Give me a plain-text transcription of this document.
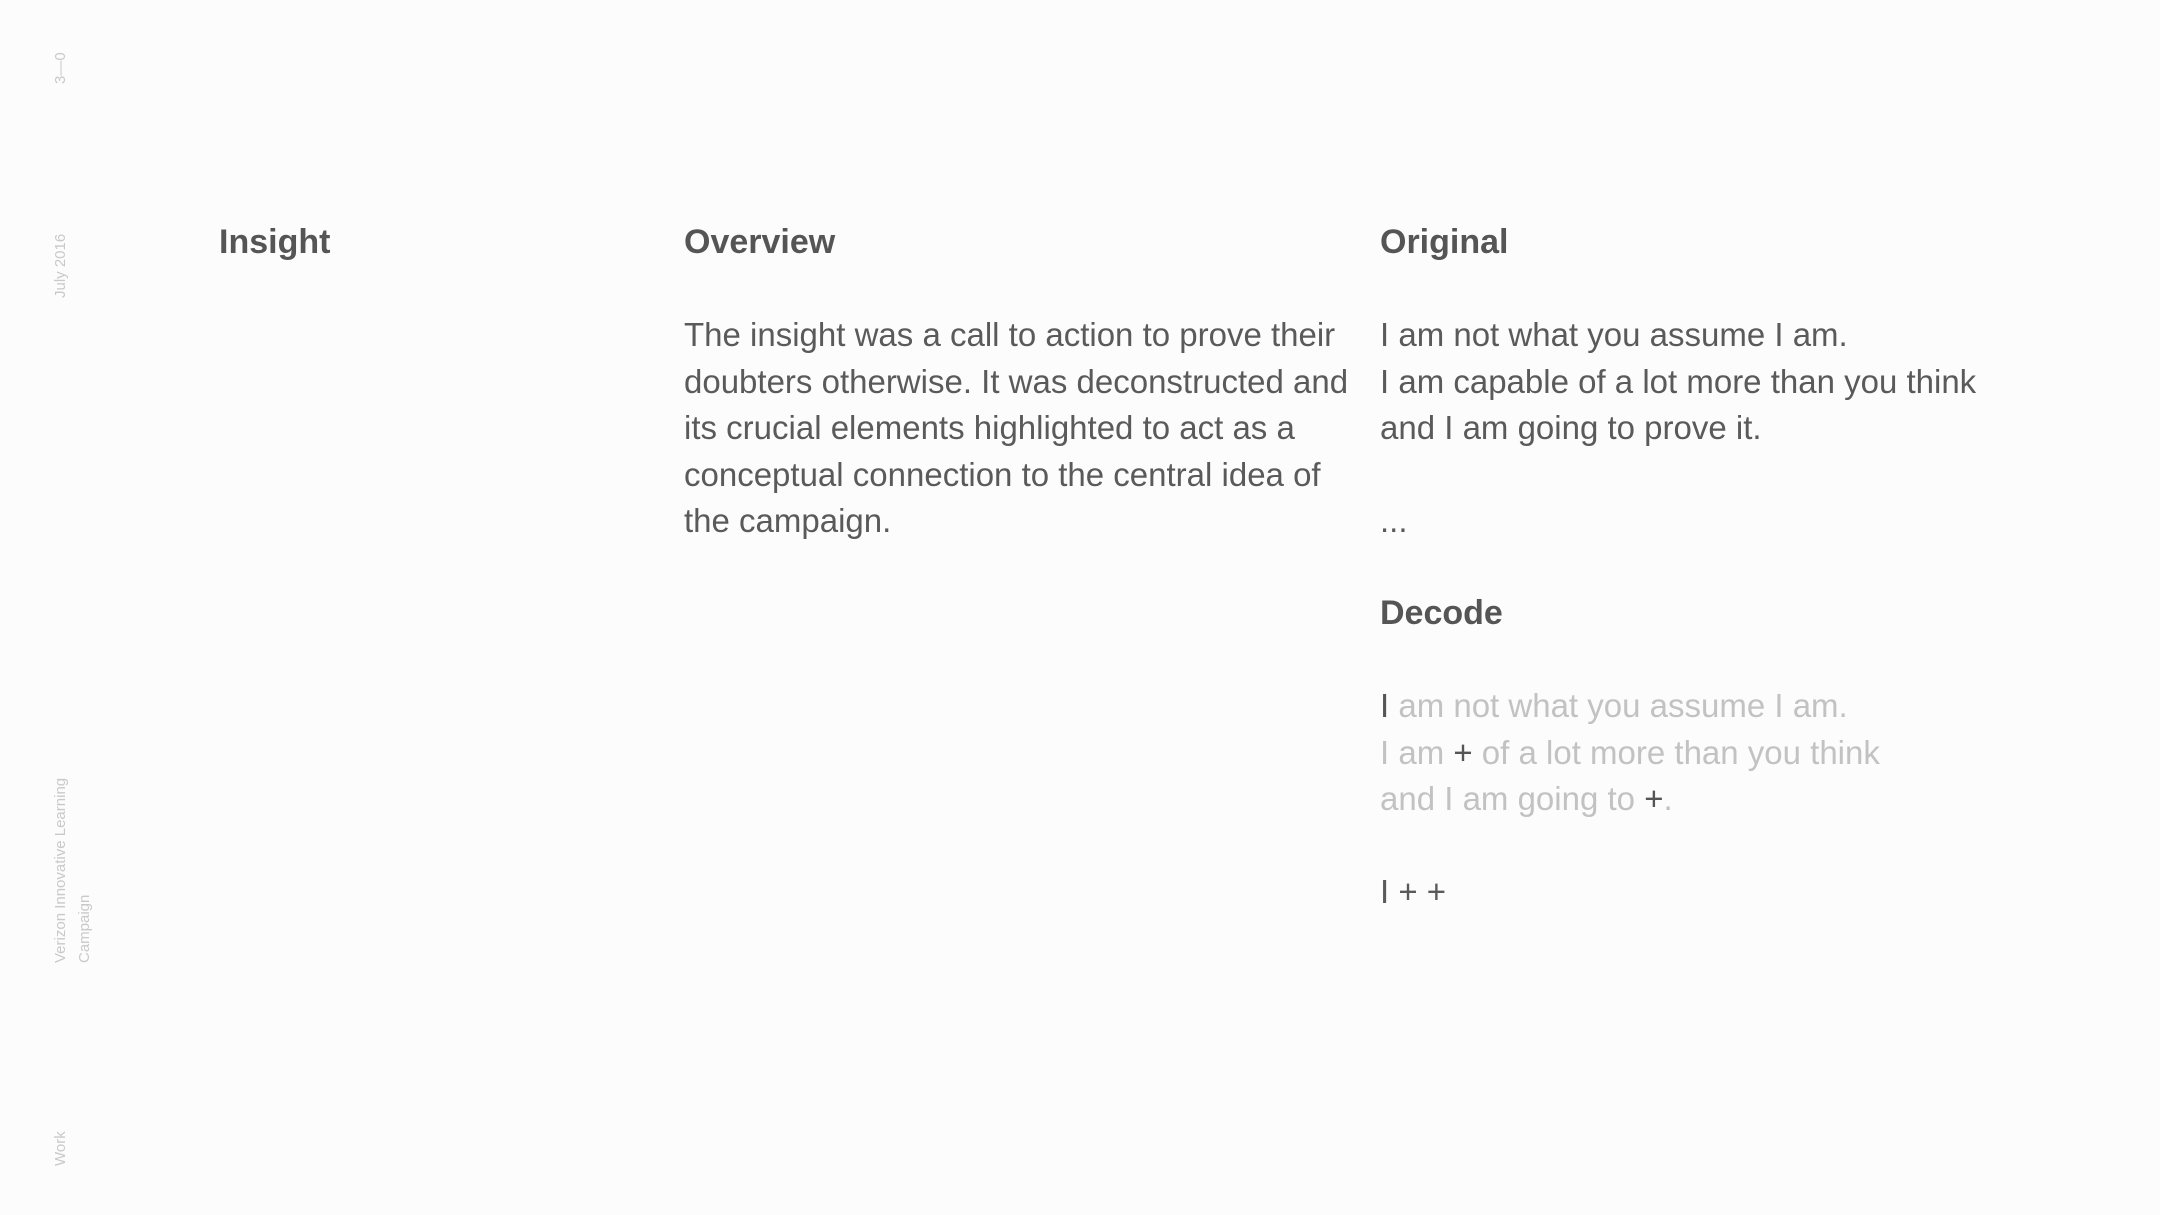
3—0
July 2016
Verizon Innovative Learning Campaign
Work
Insight	Overview

The insight was a call to action to prove their
doubters otherwise. It was deconstructed and
its crucial elements highlighted to act as a
conceptual connection to the central idea of
the campaign.

Original

I am not what you assume I am.
I am capable of a lot more than you think
and I am going to prove it.

...

Decode

I am not what you assume I am.
I am + of a lot more than you think
and I am going to +.

I + +
